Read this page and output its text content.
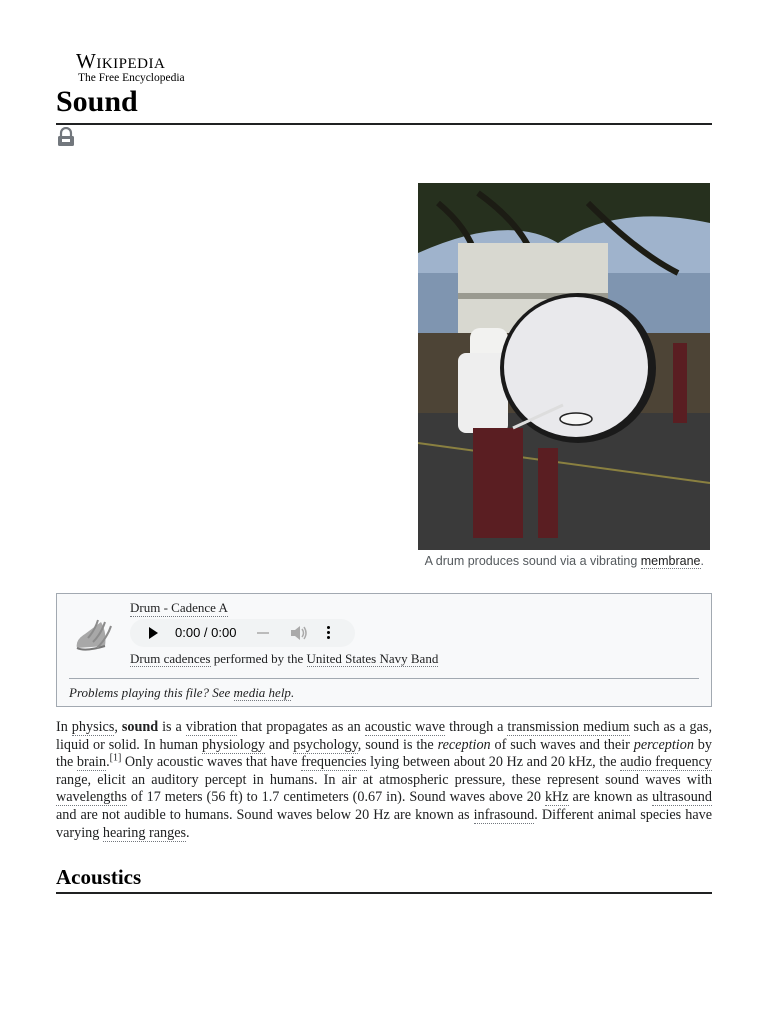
Wikipedia
The Free Encyclopedia
Sound
A drum produces sound via a vibrating membrane.
Drum - Cadence A
0:00 / 0:00
Drum cadences performed by the United States Navy Band
Problems playing this file? See media help.

In physics, sound is a vibration that propagates as an acoustic wave through a transmission medium such as a gas, liquid or solid. In human physiology and psychology, sound is the reception of such waves and their perception by the brain.[1] Only acoustic waves that have frequencies lying between about 20 Hz and 20 kHz, the audio frequency range, elicit an auditory percept in humans. In air at atmospheric pressure, these represent sound waves with wavelengths of 17 meters (56 ft) to 1.7 centimeters (0.67 in). Sound waves above 20 kHz are known as ultrasound and are not audible to humans. Sound waves below 20 Hz are known as infrasound. Different animal species have varying hearing ranges.

Acoustics
